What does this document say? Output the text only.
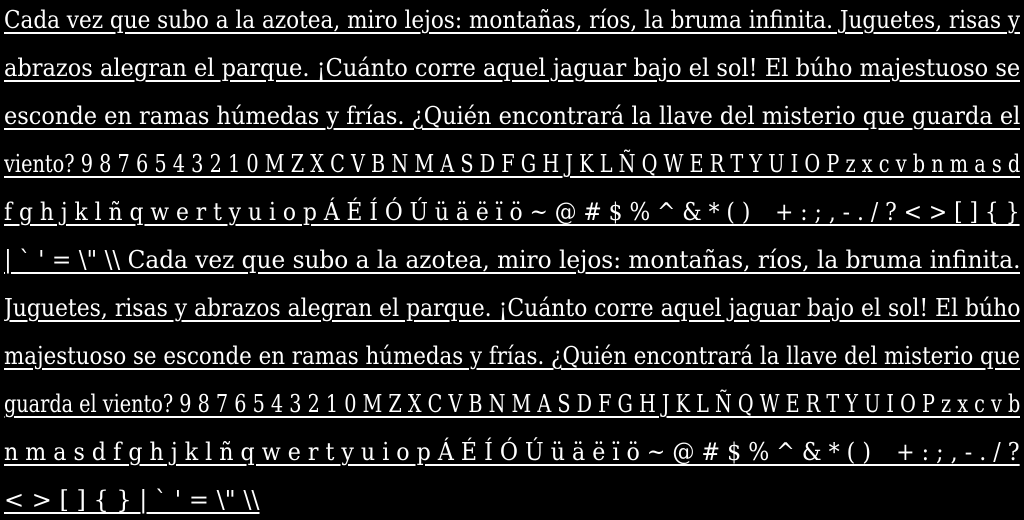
Cada vez que subo a la azotea, miro lejos: montañas, ríos, la bruma infinita. Juguetes, risas y
abrazos alegran el parque. ¡Cuánto corre aquel jaguar bajo el sol! El búho majestuoso se
esconde en ramas húmedas y frías. ¿Quién encontrará la llave del misterio que guarda el
viento? 9 8 7 6 5 4 3 2 1 0 M Z X C V B N M A S D F G H J K L Ñ Q W E R T Y U I O P z x c v b n m a s d
f g h j k l ñ q w e r t y u i o p Á É Í Ó Ú ü ä ë ï ö ~ @ # $ % ^ & * ( ) _ + : ; , - . / ? < > [ ] { }
| ` ' = \" \\ Cada vez que subo a la azotea, miro lejos: montañas, ríos, la bruma infinita.
Juguetes, risas y abrazos alegran el parque. ¡Cuánto corre aquel jaguar bajo el sol! El búho
majestuoso se esconde en ramas húmedas y frías. ¿Quién encontrará la llave del misterio que
guarda el viento? 9 8 7 6 5 4 3 2 1 0 M Z X C V B N M A S D F G H J K L Ñ Q W E R T Y U I O P z x c v b
n m a s d f g h j k l ñ q w e r t y u i o p Á É Í Ó Ú ü ä ë ï ö ~ @ # $ % ^ & * ( ) _ + : ; , - . / ?
< > [ ] { } | ` ' = \" \\
